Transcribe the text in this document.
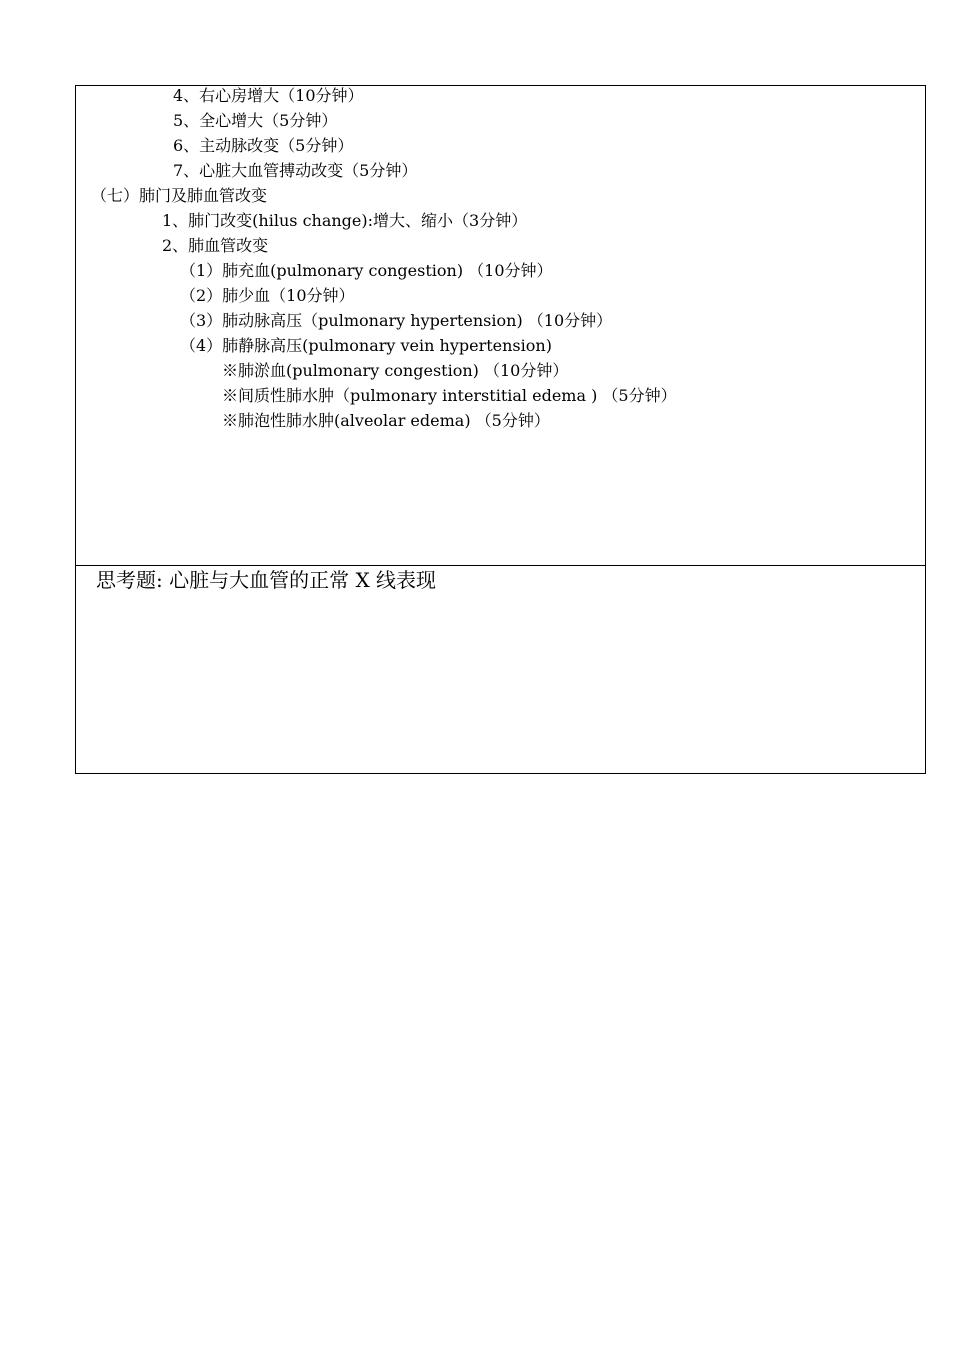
4、右心房增大（10分钟）
5、全心增大（5分钟）
6、主动脉改变（5分钟）
7、心脏大血管搏动改变（5分钟）
（七）肺门及肺血管改变
1、肺门改变(hilus change):增大、缩小（3分钟）
2、肺血管改变
（1）肺充血(pulmonary congestion) （10分钟）
（2）肺少血（10分钟）
（3）肺动脉高压（pulmonary hypertension) （10分钟）
（4）肺静脉高压(pulmonary vein hypertension)
※肺淤血(pulmonary congestion) （10分钟）
※间质性肺水肿（pulmonary interstitial edema ) （5分钟）
※肺泡性肺水肿(alveolar edema) （5分钟）
思考题: 心脏与大血管的正常 X 线表现
